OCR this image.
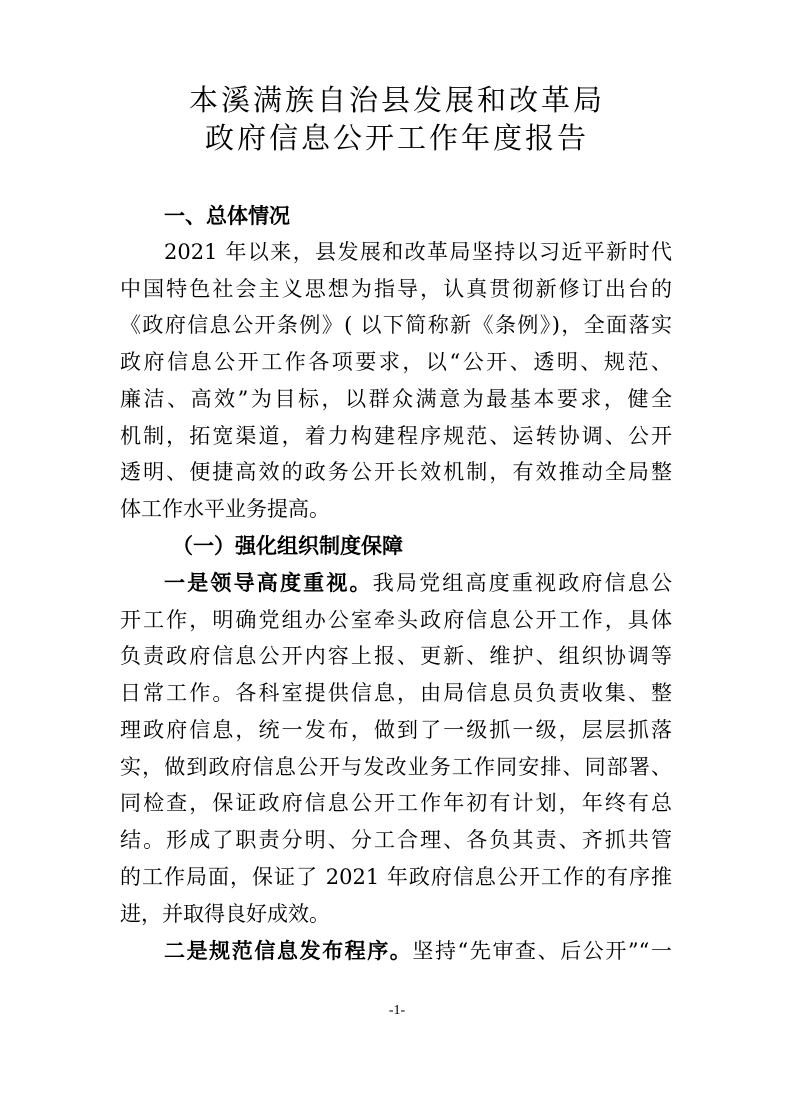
本溪满族自治县发展和改革局
政府信息公开工作年度报告
一、总体情况
2021 年以来，县发展和改革局坚持以习近平新时代
中国特色社会主义思想为指导，认真贯彻新修订出台的
《政府信息公开条例》( 以下简称新《条例》)，全面落实
政府信息公开工作各项要求，以“公开、透明、规范、
廉洁、高效”为目标，以群众满意为最基本要求，健全
机制，拓宽渠道，着力构建程序规范、运转协调、公开
透明、便捷高效的政务公开长效机制，有效推动全局整
体工作水平业务提高。
（一）强化组织制度保障
一是领导高度重视。我局党组高度重视政府信息公
开工作，明确党组办公室牵头政府信息公开工作，具体
负责政府信息公开内容上报、更新、维护、组织协调等
日常工作。各科室提供信息，由局信息员负责收集、整
理政府信息，统一发布，做到了一级抓一级，层层抓落
实，做到政府信息公开与发改业务工作同安排、同部署、
同检查，保证政府信息公开工作年初有计划，年终有总
结。形成了职责分明、分工合理、各负其责、齐抓共管
的工作局面，保证了 2021 年政府信息公开工作的有序推
进，并取得良好成效。
二是规范信息发布程序。坚持“先审查、后公开”“一
-1-
